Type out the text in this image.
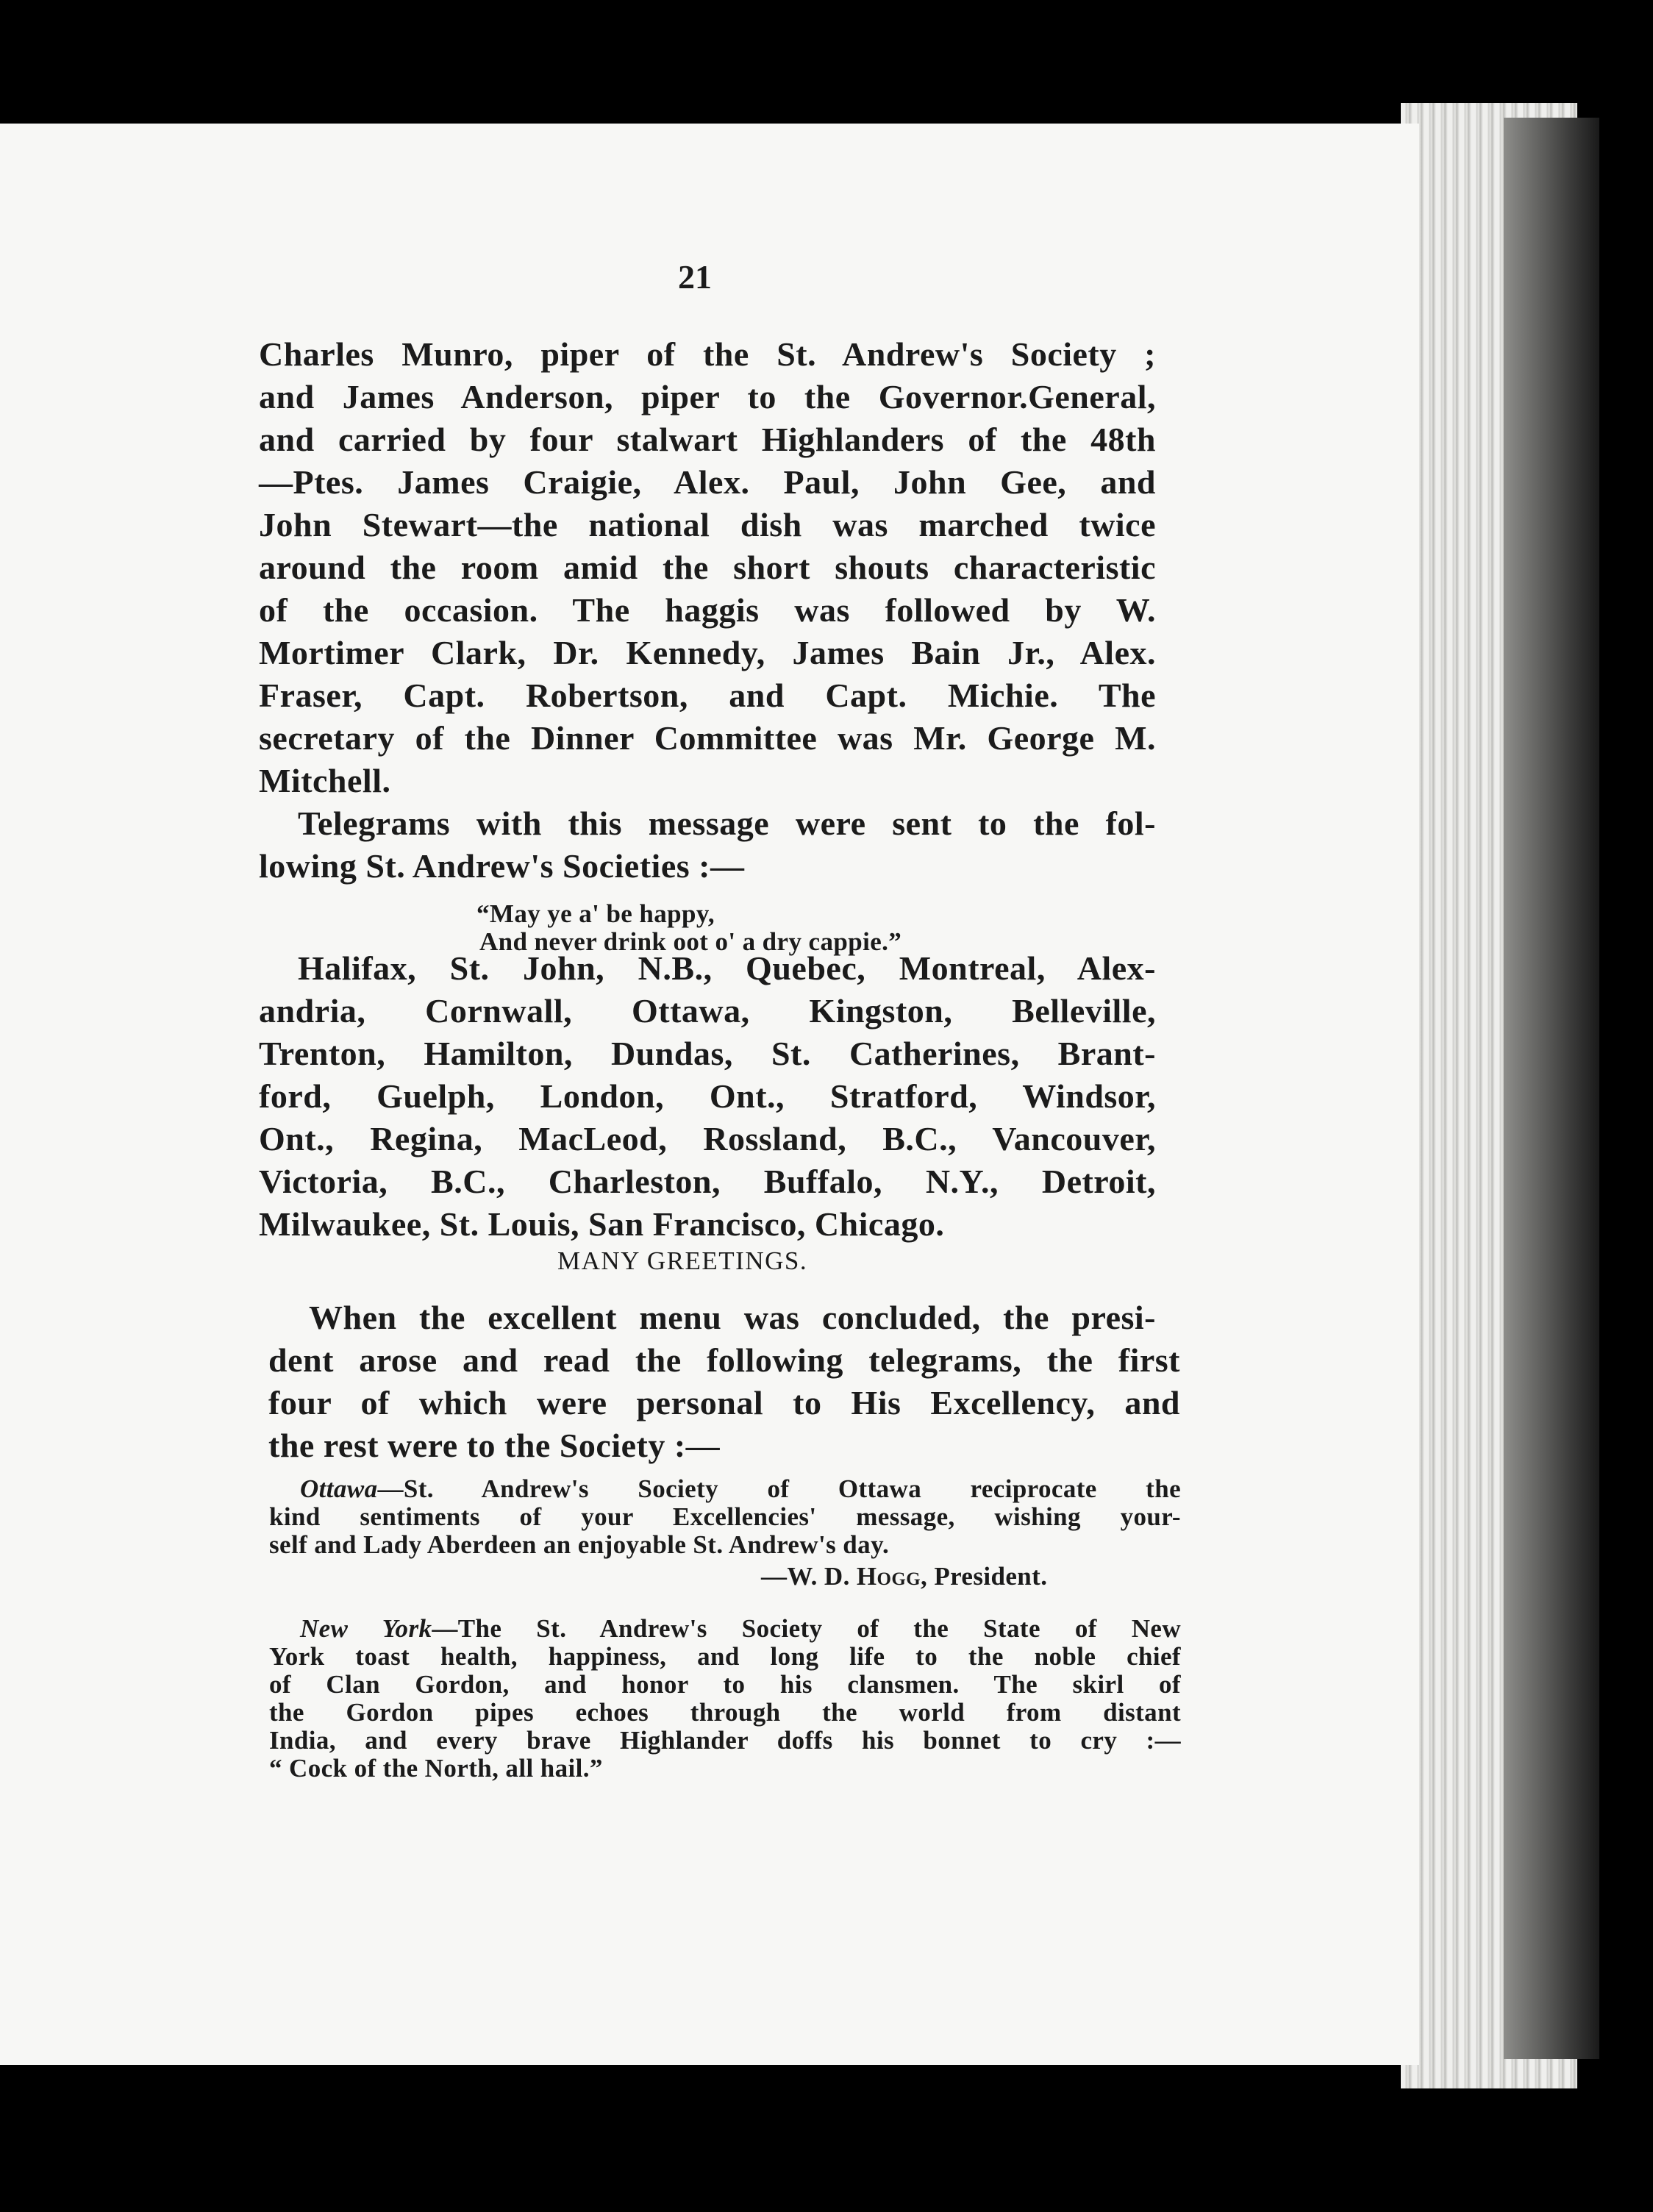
21
Charles Munro, piper of the St. Andrew's Society ;
and James Anderson, piper to the Governor.General,
and carried by four stalwart Highlanders of the 48th
—Ptes. James Craigie, Alex. Paul, John Gee, and
John Stewart—the national dish was marched twice
around the room amid the short shouts characteristic
of the occasion. The haggis was followed by W.
Mortimer Clark, Dr. Kennedy, James Bain Jr., Alex.
Fraser, Capt. Robertson, and Capt. Michie. The
secretary of the Dinner Committee was Mr. George M.
Mitchell.
Telegrams with this message were sent to the fol-
lowing St. Andrew's Societies :—
“May ye a' be happy,
And never drink oot o' a dry cappie.”
Halifax, St. John, N.B., Quebec, Montreal, Alex-
andria, Cornwall, Ottawa, Kingston, Belleville,
Trenton, Hamilton, Dundas, St. Catherines, Brant-
ford, Guelph, London, Ont., Stratford, Windsor,
Ont., Regina, MacLeod, Rossland, B.C., Vancouver,
Victoria, B.C., Charleston, Buffalo, N.Y., Detroit,
MANY GREETINGS.
When the excellent menu was concluded, the presi-
dent arose and read the following telegrams, the first
four of which were personal to His Excellency, and
the rest were to the Society :—
Ottawa—St. Andrew's Society of Ottawa reciprocate the
kind sentiments of your Excellencies' message, wishing your-
self and Lady Aberdeen an enjoyable St. Andrew's day.
—W. D. Hogg, President.
New York—The St. Andrew's Society of the State of New
York toast health, happiness, and long life to the noble chief
of Clan Gordon, and honor to his clansmen. The skirl of
the Gordon pipes echoes through the world from distant
India, and every brave Highlander doffs his bonnet to cry :—
“ Cock of the North, all hail.”
Milwaukee, St. Louis, San Francisco, Chicago.
